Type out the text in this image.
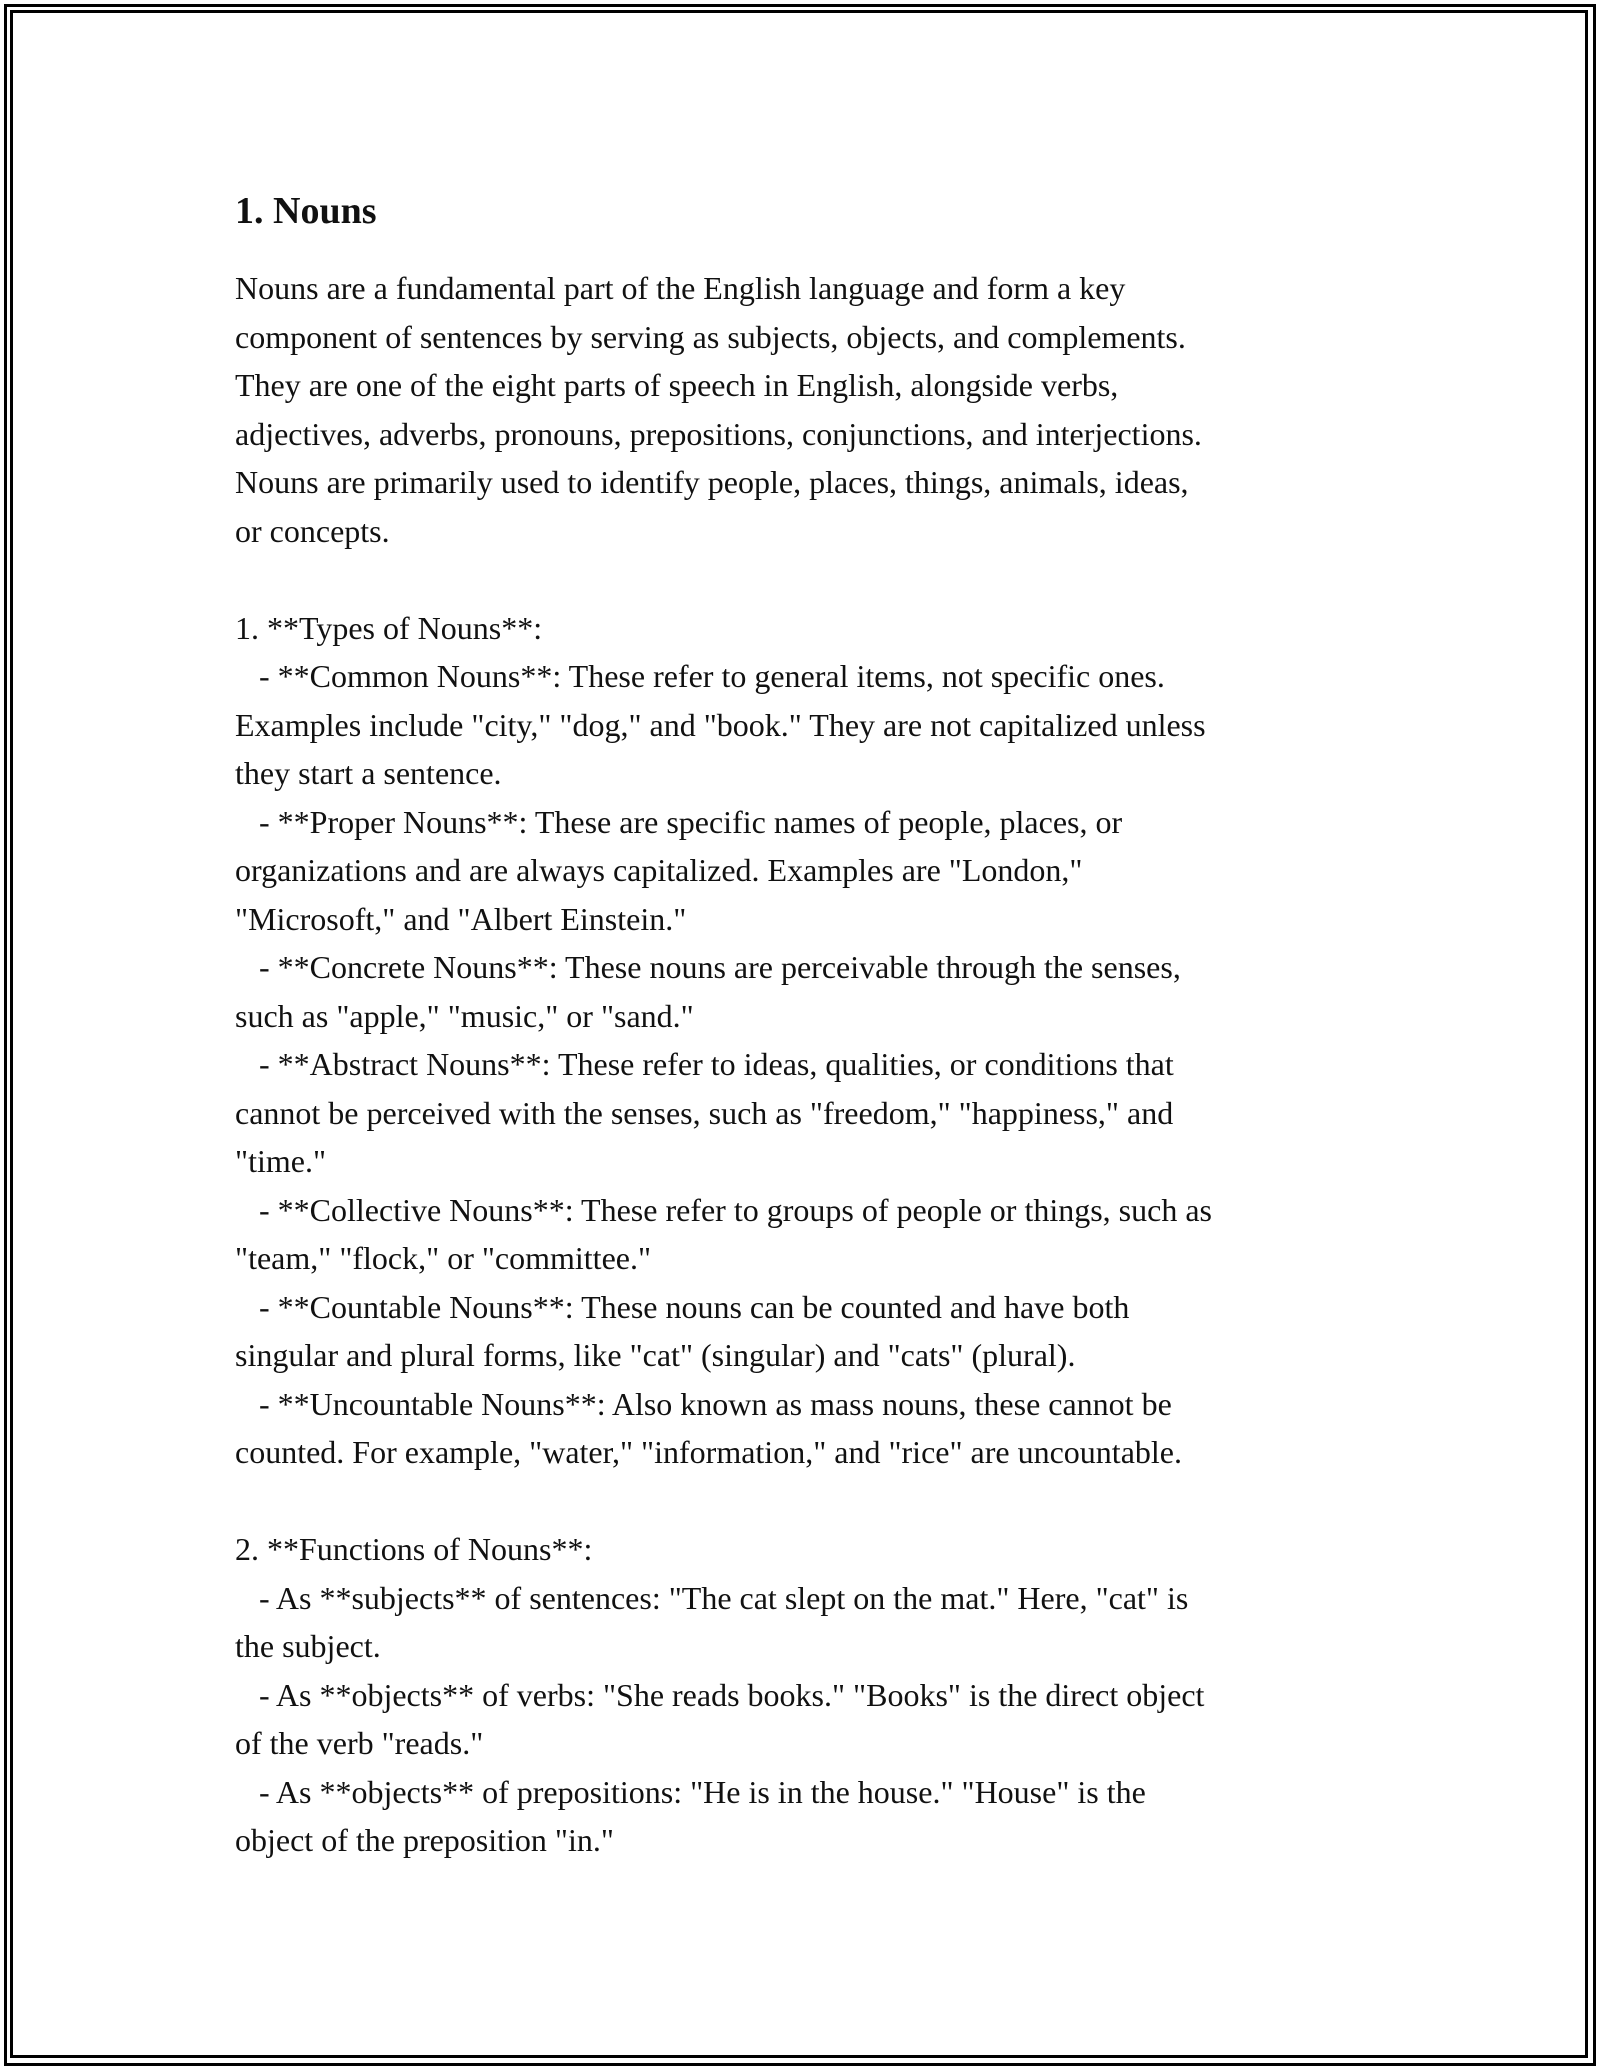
1. Nouns

Nouns are a fundamental part of the English language and form a key
component of sentences by serving as subjects, objects, and complements.
They are one of the eight parts of speech in English, alongside verbs,
adjectives, adverbs, pronouns, prepositions, conjunctions, and interjections.
Nouns are primarily used to identify people, places, things, animals, ideas,
or concepts.

1. **Types of Nouns**:
- **Common Nouns**: These refer to general items, not specific ones.
Examples include "city," "dog," and "book." They are not capitalized unless
they start a sentence.
- **Proper Nouns**: These are specific names of people, places, or
organizations and are always capitalized. Examples are "London,"
"Microsoft," and "Albert Einstein."
- **Concrete Nouns**: These nouns are perceivable through the senses,
such as "apple," "music," or "sand."
- **Abstract Nouns**: These refer to ideas, qualities, or conditions that
cannot be perceived with the senses, such as "freedom," "happiness," and
"time."
- **Collective Nouns**: These refer to groups of people or things, such as
"team," "flock," or "committee."
- **Countable Nouns**: These nouns can be counted and have both
singular and plural forms, like "cat" (singular) and "cats" (plural).
- **Uncountable Nouns**: Also known as mass nouns, these cannot be
counted. For example, "water," "information," and "rice" are uncountable.

2. **Functions of Nouns**:
- As **subjects** of sentences: "The cat slept on the mat." Here, "cat" is
the subject.
- As **objects** of verbs: "She reads books." "Books" is the direct object
of the verb "reads."
- As **objects** of prepositions: "He is in the house." "House" is the
object of the preposition "in."
